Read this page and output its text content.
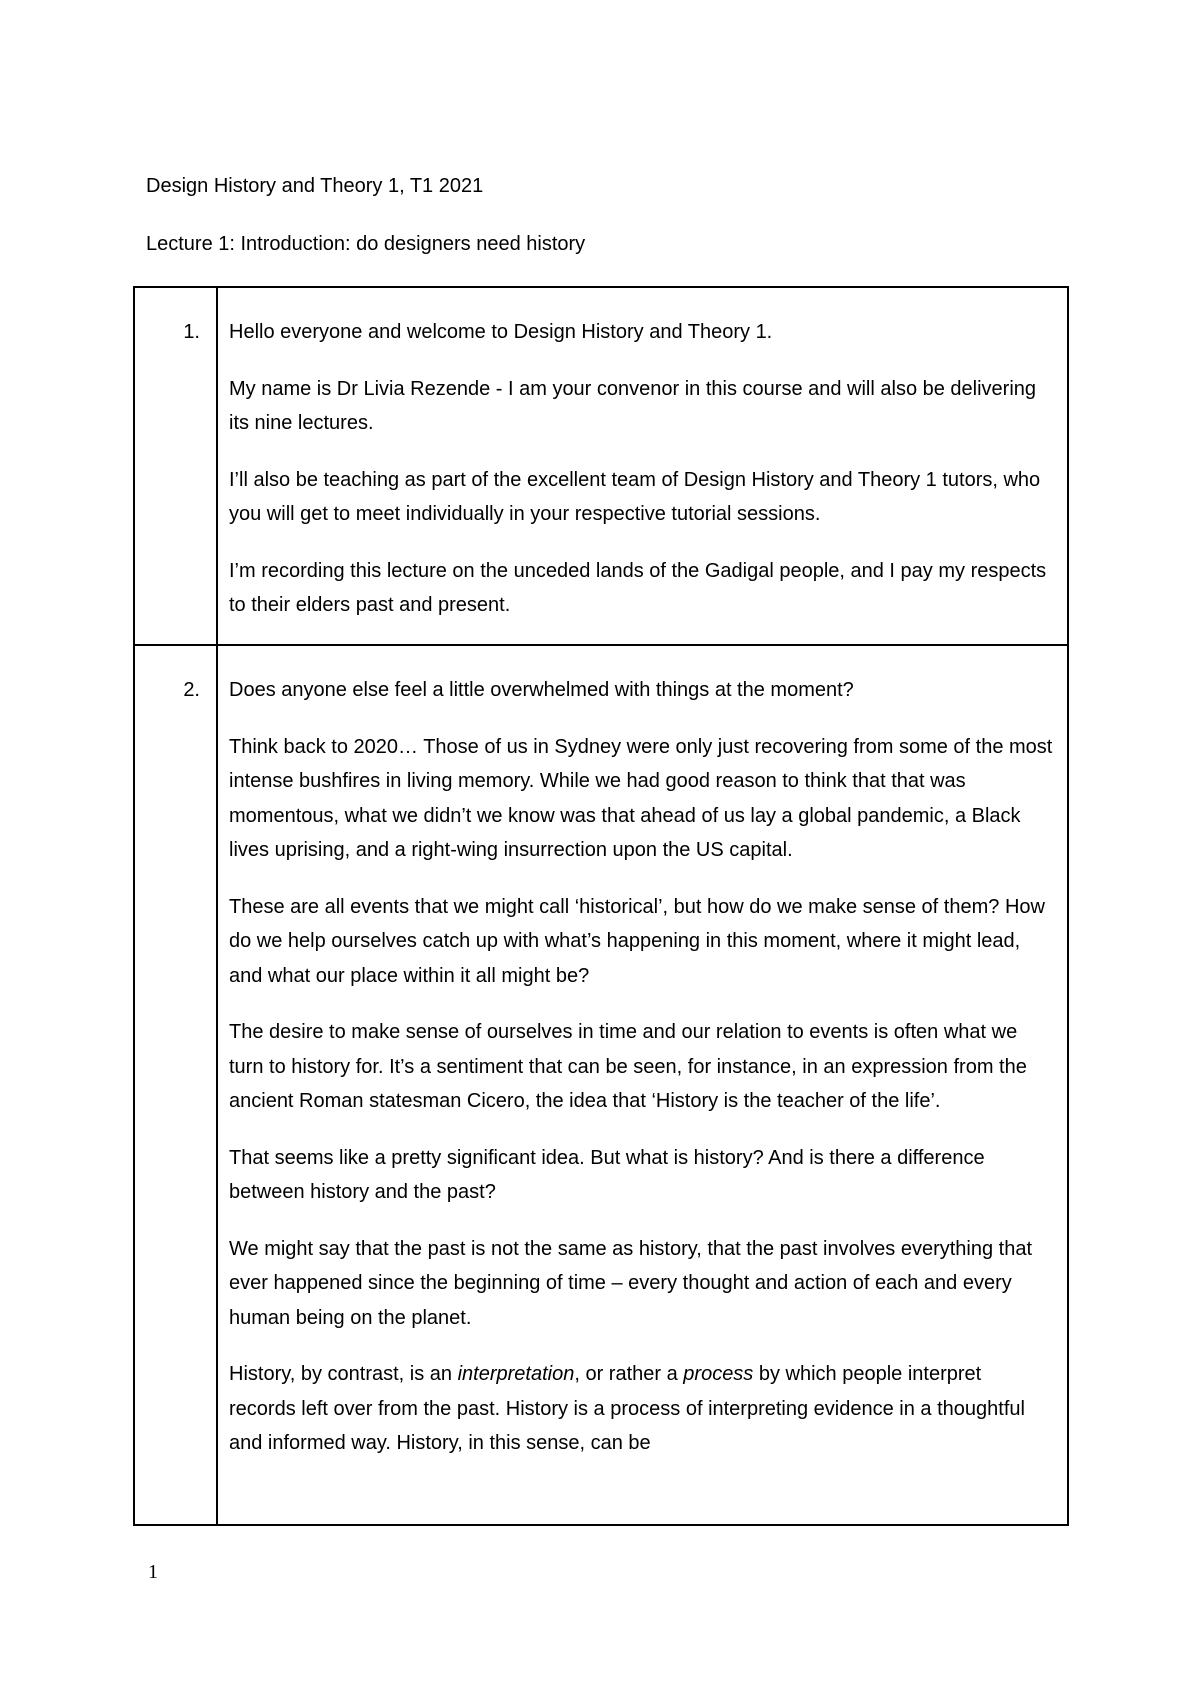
Design History and Theory 1, T1 2021
Lecture 1: Introduction: do designers need history
1.	Hello everyone and welcome to Design History and Theory 1.

My name is Dr Livia Rezende - I am your convenor in this course and will also be delivering its nine lectures.

I’ll also be teaching as part of the excellent team of Design History and Theory 1 tutors, who you will get to meet individually in your respective tutorial sessions.

I’m recording this lecture on the unceded lands of the Gadigal people, and I pay my respects to their elders past and present.

2.	Does anyone else feel a little overwhelmed with things at the moment?

Think back to 2020… Those of us in Sydney were only just recovering from some of the most intense bushfires in living memory. While we had good reason to think that that was momentous, what we didn’t we know was that ahead of us lay a global pandemic, a Black lives uprising, and a right-wing insurrection upon the US capital.

These are all events that we might call ‘historical’, but how do we make sense of them? How do we help ourselves catch up with what’s happening in this moment, where it might lead, and what our place within it all might be?

The desire to make sense of ourselves in time and our relation to events is often what we turn to history for. It’s a sentiment that can be seen, for instance, in an expression from the ancient Roman statesman Cicero, the idea that ‘History is the teacher of the life’.

That seems like a pretty significant idea. But what is history? And is there a difference between history and the past?

We might say that the past is not the same as history, that the past involves everything that ever happened since the beginning of time – every thought and action of each and every human being on the planet.

History, by contrast, is an interpretation, or rather a process by which people interpret records left over from the past. History is a process of interpreting evidence in a thoughtful and informed way. History, in this sense, can be

1
